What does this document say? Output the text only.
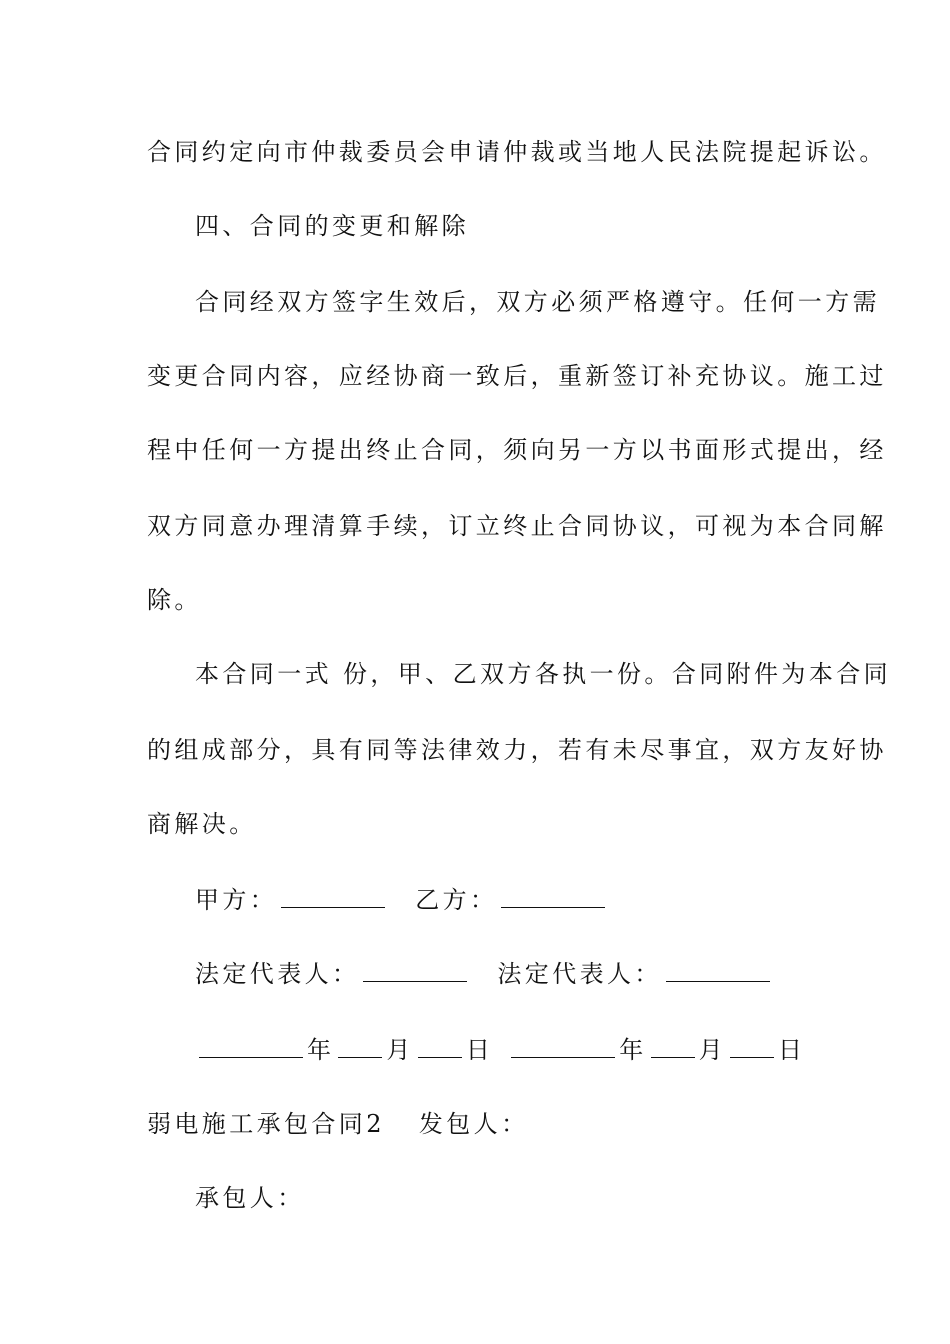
合同约定向市仲裁委员会申请仲裁或当地人民法院提起诉讼。
四、合同的变更和解除
合同经双方签字生效后，双方必须严格遵守。任何一方需
变更合同内容，应经协商一致后，重新签订补充协议。施工过
程中任何一方提出终止合同，须向另一方以书面形式提出，经
双方同意办理清算手续，订立终止合同协议，可视为本合同解
除。
本合同一式 份，甲、乙双方各执一份。合同附件为本合同
的组成部分，具有同等法律效力，若有未尽事宜，双方友好协
商解决。
甲方：	乙方：
法定代表人：	法定代表人：
年 月 日	年 月 日
弱电施工承包合同2 发包人：
承包人：
